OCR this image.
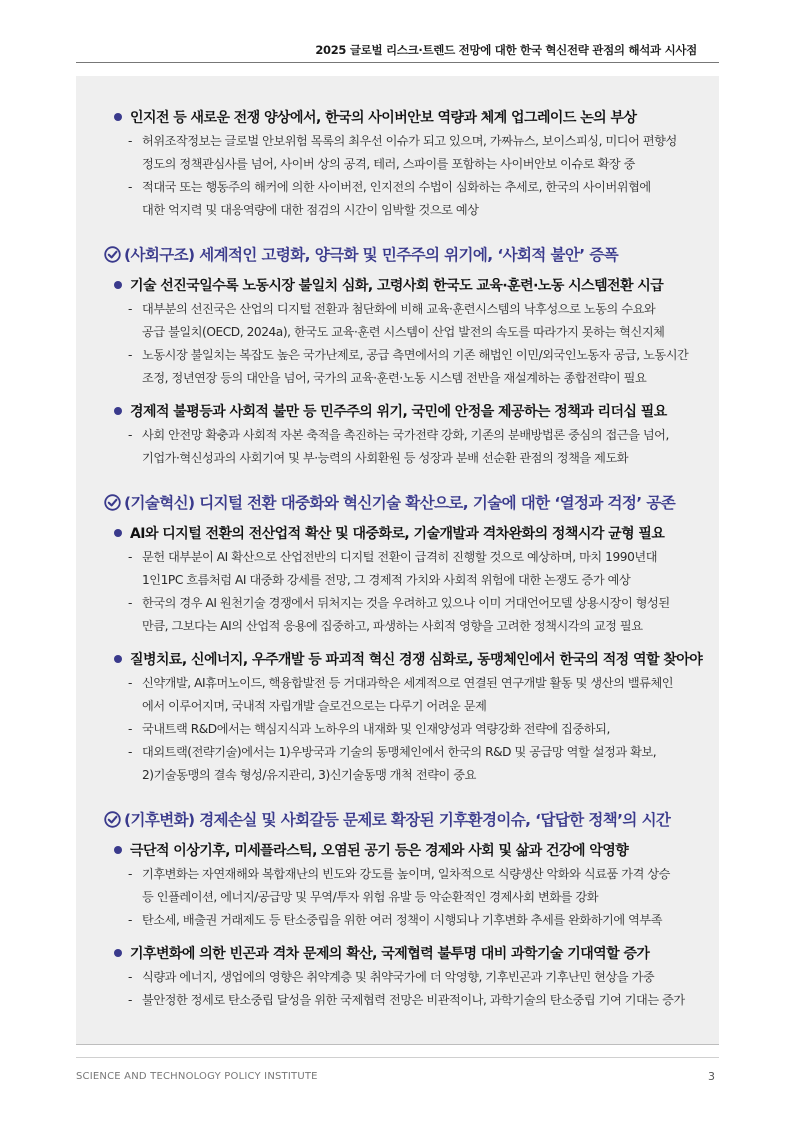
2025 글로벌 리스크·트렌드 전망에 대한 한국 혁신전략 관점의 해석과 시사점
인지전 등 새로운 전쟁 양상에서, 한국의 사이버안보 역량과 체계 업그레이드 논의 부상
- 허위조작정보는 글로벌 안보위험 목록의 최우선 이슈가 되고 있으며, 가짜뉴스, 보이스피싱, 미디어 편향성
정도의 정책관심사를 넘어, 사이버 상의 공격, 테러, 스파이를 포함하는 사이버안보 이슈로 확장 중
- 적대국 또는 행동주의 해커에 의한 사이버전, 인지전의 수법이 심화하는 추세로, 한국의 사이버위협에
대한 억지력 및 대응역량에 대한 점검의 시간이 임박할 것으로 예상
(사회구조) 세계적인 고령화, 양극화 및 민주주의 위기에, ‘사회적 불안’ 증폭
기술 선진국일수록 노동시장 불일치 심화, 고령사회 한국도 교육·훈련·노동 시스템전환 시급
- 대부분의 선진국은 산업의 디지털 전환과 첨단화에 비해 교육·훈련시스템의 낙후성으로 노동의 수요와
공급 불일치(OECD, 2024a), 한국도 교육·훈련 시스템이 산업 발전의 속도를 따라가지 못하는 혁신지체
- 노동시장 불일치는 복잡도 높은 국가난제로, 공급 측면에서의 기존 해법인 이민/외국인노동자 공급, 노동시간
조정, 정년연장 등의 대안을 넘어, 국가의 교육·훈련·노동 시스템 전반을 재설계하는 종합전략이 필요
경제적 불평등과 사회적 불만 등 민주주의 위기, 국민에 안정을 제공하는 정책과 리더십 필요
- 사회 안전망 확충과 사회적 자본 축적을 촉진하는 국가전략 강화, 기존의 분배방법론 중심의 접근을 넘어,
기업가·혁신성과의 사회기여 및 부·능력의 사회환원 등 성장과 분배 선순환 관점의 정책을 제도화
(기술혁신) 디지털 전환 대중화와 혁신기술 확산으로, 기술에 대한 ‘열정과 걱정’ 공존
AI와 디지털 전환의 전산업적 확산 및 대중화로, 기술개발과 격차완화의 정책시각 균형 필요
- 문헌 대부분이 AI 확산으로 산업전반의 디지털 전환이 급격히 진행할 것으로 예상하며, 마치 1990년대
1인1PC 흐름처럼 AI 대중화 강세를 전망, 그 경제적 가치와 사회적 위험에 대한 논쟁도 증가 예상
- 한국의 경우 AI 원천기술 경쟁에서 뒤처지는 것을 우려하고 있으나 이미 거대언어모델 상용시장이 형성된
만큼, 그보다는 AI의 산업적 응용에 집중하고, 파생하는 사회적 영향을 고려한 정책시각의 교정 필요
질병치료, 신에너지, 우주개발 등 파괴적 혁신 경쟁 심화로, 동맹체인에서 한국의 적정 역할 찾아야
- 신약개발, AI휴머노이드, 핵융합발전 등 거대과학은 세계적으로 연결된 연구개발 활동 및 생산의 밸류체인
에서 이루어지며, 국내적 자립개발 슬로건으로는 다루기 어려운 문제
- 국내트랙 R&D에서는 핵심지식과 노하우의 내재화 및 인재양성과 역량강화 전략에 집중하되,
- 대외트랙(전략기술)에서는 1)우방국과 기술의 동맹체인에서 한국의 R&D 및 공급망 역할 설정과 확보,
2)기술동맹의 결속 형성/유지관리, 3)신기술동맹 개척 전략이 중요
(기후변화) 경제손실 및 사회갈등 문제로 확장된 기후환경이슈, ‘답답한 정책’의 시간
극단적 이상기후, 미세플라스틱, 오염된 공기 등은 경제와 사회 및 삶과 건강에 악영향
- 기후변화는 자연재해와 복합재난의 빈도와 강도를 높이며, 일차적으로 식량생산 악화와 식료품 가격 상승
등 인플레이션, 에너지/공급망 및 무역/투자 위험 유발 등 악순환적인 경제사회 변화를 강화
- 탄소세, 배출권 거래제도 등 탄소중립을 위한 여러 정책이 시행되나 기후변화 추세를 완화하기에 역부족
기후변화에 의한 빈곤과 격차 문제의 확산, 국제협력 불투명 대비 과학기술 기대역할 증가
- 식량과 에너지, 생업에의 영향은 취약계층 및 취약국가에 더 악영향, 기후빈곤과 기후난민 현상을 가중
- 불안정한 정세로 탄소중립 달성을 위한 국제협력 전망은 비관적이나, 과학기술의 탄소중립 기여 기대는 증가
SCIENCE AND TECHNOLOGY POLICY INSTITUTE	3
